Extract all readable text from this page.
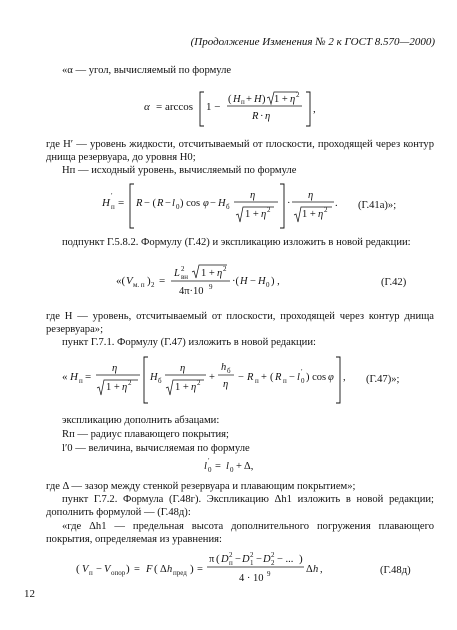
(Продолжение Изменения № 2 к ГОСТ 8.570—2000)
«α — угол, вычисляемый по формуле
α = arccos 1 −
( H п + H ) 1 + η 2
R · η
,
где H′ — уровень жидкости, отсчитываемый от плоскости, проходящей через контур днища резервуара, до уровня H0;
Hп — исходный уровень, вычисляемый по формуле
H
′
п = R − ( R − l 0 ) cos φ − H б
η
1 + η 2
·
η
1 + η 2
. (Г.41а)»;
подпункт Г.5.8.2. Формулу (Г.42) и экспликацию изложить в новой редакции:
«( V м. п ) 2 =
L 2
вн 1 + η 2
4π·10 9 ·( H − H 0 ) ,	(Г.42)
где H — уровень, отсчитываемый от плоскости, проходящей через контур днища резервуара»;
пункт Г.7.1. Формулу (Г.47) изложить в новой редакции:
« H п =
η
1 + η 2 H б
η
1 + η 2 +
h б
η
− R п + ( R п − l ′
0 ) cos φ , (Г.47)»;
экспликацию дополнить абзацами:
Rп — радиус плавающего покрытия;
l′0 — величина, вычисляемая по формуле
l ′
0 = l 0 + Δ,
где Δ — зазор между стенкой резервуара и плавающим покрытием»;
пункт Г.7.2. Формула (Г.48г). Экспликацию Δh1 изложить в новой редакции; дополнить формулой — (Г.48д):
«где Δh1 — предельная высота дополнительного погружения плавающего покрытия, определяемая из уравнения:
( V п − V опор ) = F ( Δ h пред ) =
π ( D 2
п − D 2
1 − D 2
2 − ... )
4 · 10 9	Δ h ,	(Г.48д)
12
